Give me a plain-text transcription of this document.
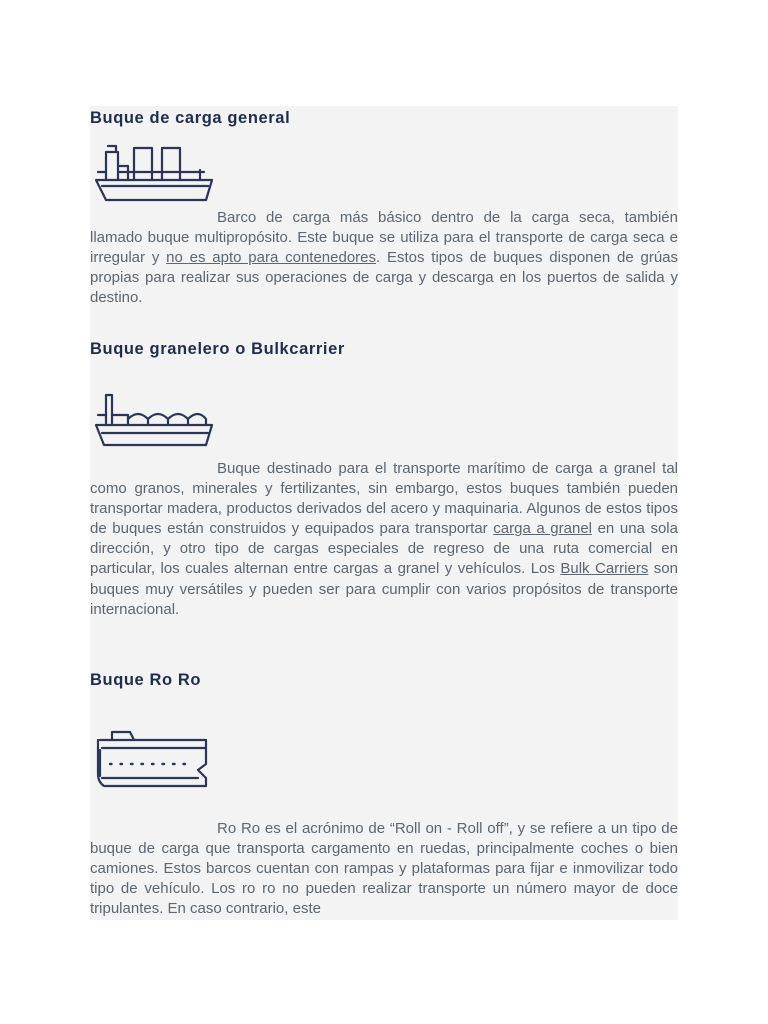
Buque de carga general

Barco de carga más básico dentro de la carga seca, también llamado buque multipropósito. Este buque se utiliza para el transporte de carga seca e irregular y no es apto para contenedores. Estos tipos de buques disponen de grúas propias para realizar sus operaciones de carga y descarga en los puertos de salida y destino.

Buque granelero o Bulkcarrier

Buque destinado para el transporte marítimo de carga a granel tal como granos, minerales y fertilizantes, sin embargo, estos buques también pueden transportar madera, productos derivados del acero y maquinaria. Algunos de estos tipos de buques están construidos y equipados para transportar carga a granel en una sola dirección, y otro tipo de cargas especiales de regreso de una ruta comercial en particular, los cuales alternan entre cargas a granel y vehículos. Los Bulk Carriers son buques muy versátiles y pueden ser para cumplir con varios propósitos de transporte internacional.

Buque Ro Ro

Ro Ro es el acrónimo de “Roll on - Roll off”, y se refiere a un tipo de buque de carga que transporta cargamento en ruedas, principalmente coches o bien camiones. Estos barcos cuentan con rampas y plataformas para fijar e inmovilizar todo tipo de vehículo. Los ro ro no pueden realizar transporte un número mayor de doce tripulantes. En caso contrario, este
